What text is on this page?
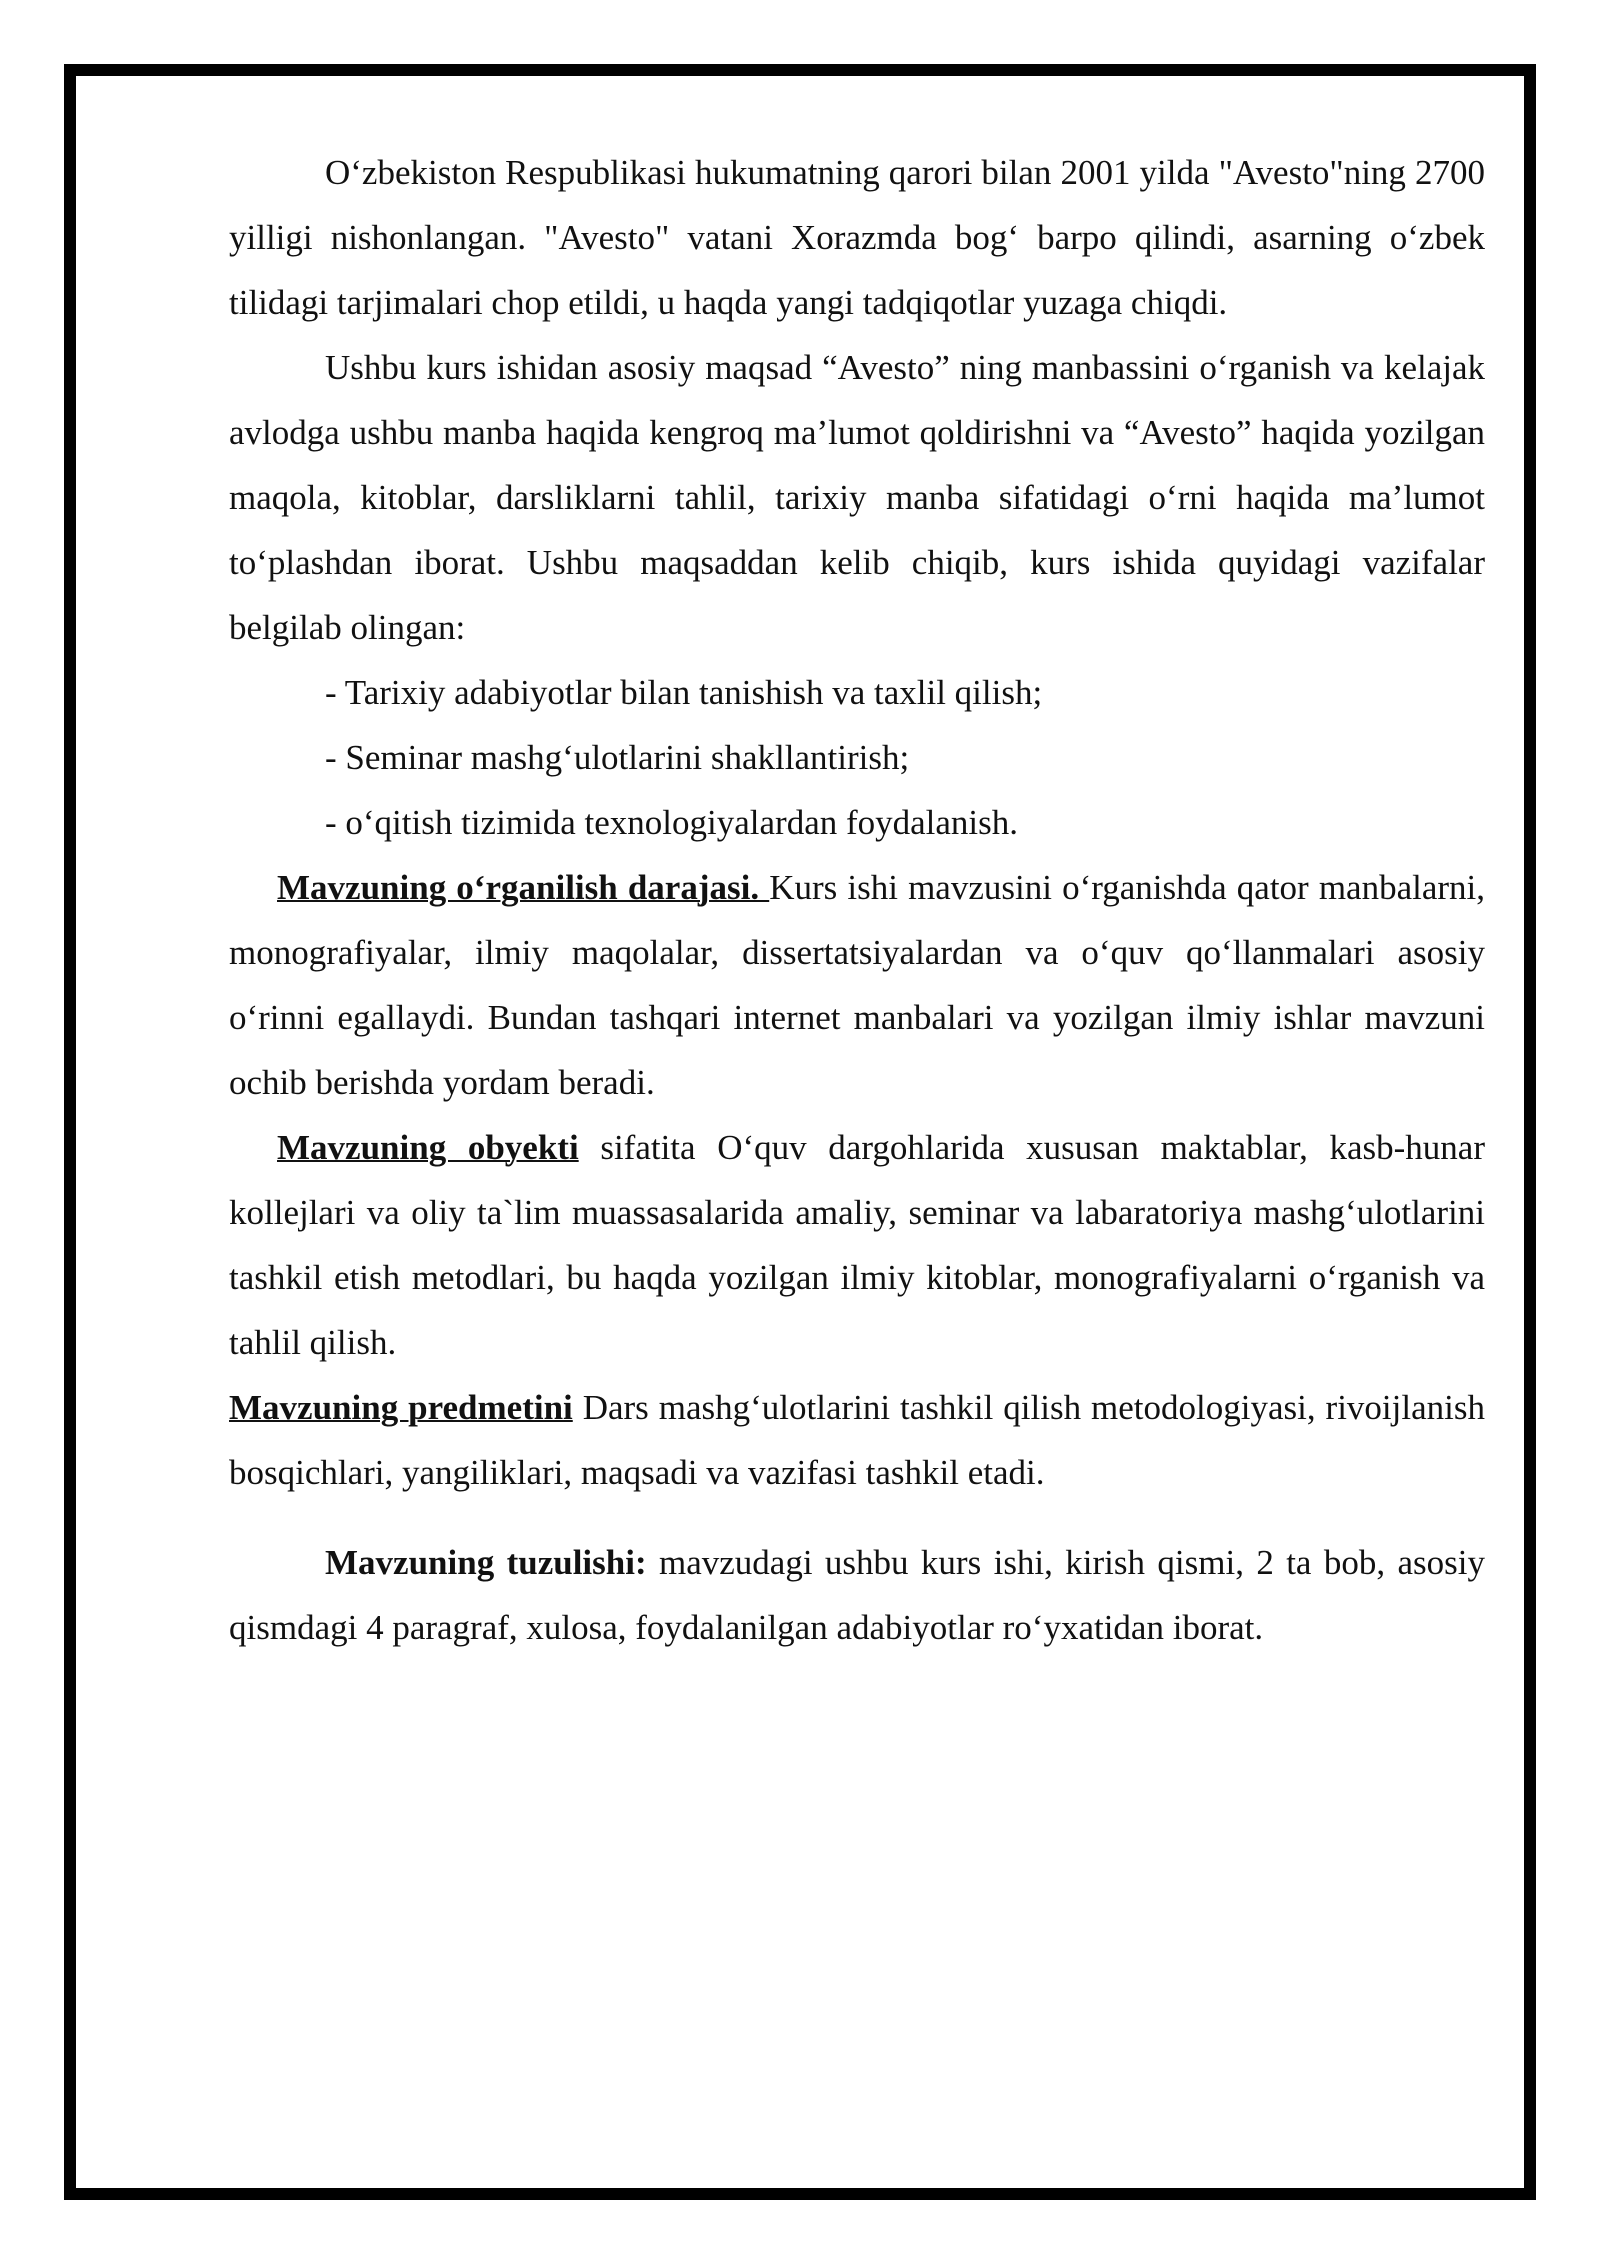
O‘zbekiston Respublikasi hukumatning qarori bilan 2001 yilda "Avesto"ning 2700 yilligi nishonlangan. "Avesto" vatani Xorazmda bog‘ barpo qilindi, asarning o‘zbek tilidagi tarjimalari chop etildi, u haqda yangi tadqiqotlar yuzaga chiqdi.

Ushbu kurs ishidan asosiy maqsad “Avesto” ning manbassini o‘rganish va kelajak avlodga ushbu manba haqida kengroq ma’lumot qoldirishni va “Avesto” haqida yozilgan maqola, kitoblar, darsliklarni tahlil, tarixiy manba sifatidagi o‘rni haqida ma’lumot to‘plashdan iborat. Ushbu maqsaddan kelib chiqib, kurs ishida quyidagi vazifalar belgilab olingan:

- Tarixiy adabiyotlar bilan tanishish va taxlil qilish;

- Seminar mashg‘ulotlarini shakllantirish;

- o‘qitish tizimida texnologiyalardan foydalanish.

Mavzuning o‘rganilish darajasi. Kurs ishi mavzusini o‘rganishda qator manbalarni, monografiyalar, ilmiy maqolalar, dissertatsiyalardan va o‘quv qo‘llanmalari asosiy o‘rinni egallaydi. Bundan tashqari internet manbalari va yozilgan ilmiy ishlar mavzuni ochib berishda yordam beradi.

Mavzuning obyekti sifatita O‘quv dargohlarida xususan maktablar, kasb-hunar kollejlari va oliy ta`lim muassasalarida amaliy, seminar va labaratoriya mashg‘ulotlarini tashkil etish metodlari, bu haqda yozilgan ilmiy kitoblar, monografiyalarni o‘rganish va tahlil qilish.

Mavzuning predmetini Dars mashg‘ulotlarini tashkil qilish metodologiyasi, rivoijlanish bosqichlari, yangiliklari, maqsadi va vazifasi tashkil etadi.

Mavzuning tuzulishi: mavzudagi ushbu kurs ishi, kirish qismi, 2 ta bob, asosiy qismdagi 4 paragraf, xulosa, foydalanilgan adabiyotlar ro‘yxatidan iborat.
